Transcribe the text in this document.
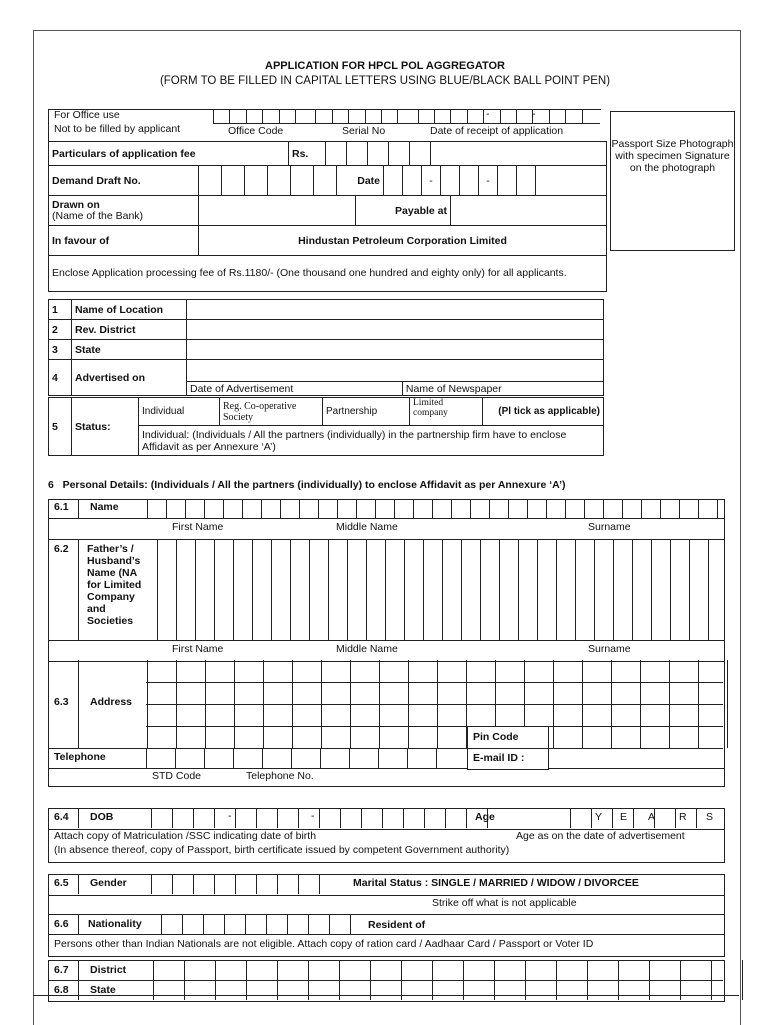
APPLICATION FOR HPCL POL AGGREGATOR
(FORM TO BE FILLED IN CAPITAL LETTERS USING BLUE/BLACK BALL POINT PEN)
For Office use
Not to be filled by applicant
-	-
Office Code	Serial No	Date of receipt of application
Passport Size Photograph with specimen Signature on the photograph
Particulars of application fee	Rs.						
Demand Draft No.							Date			-			-			
Drawn on
(Name of the Bank)		Payable at	
In favour of	Hindustan Petroleum Corporation Limited
Enclose Application processing fee of Rs.1180/- (One thousand one hundred and eighty only) for all applicants.
1	Name of Location		
2	Rev. District		
3	State		
4	Advertised on		
		Date of Advertisement	Name of Newspaper
5	Status:	Individual	Reg. Co-operative Society	Partnership	Limited company	(Pl tick as applicable)
Individual: (Individuals / All the partners (individually) in the partnership firm have to enclose Affidavit as per Annexure ‘A’)
6   Personal Details: (Individuals / All the partners (individually) to enclose Affidavit as per Annexure ‘A’)
6.1 Name
First Name	Middle Name	Surname
6.2 Father’s / Husband’s Name (NA for Limited Company and Societies
First Name	Middle Name	Surname
6.3 Address
Pin Code
Telephone	E-mail ID :
STD Code	Telephone No.
6.4 DOB	-	-	Age	Y E A R S
Attach copy of Matriculation /SSC indicating date of birth	Age as on the date of advertisement
(In absence thereof, copy of Passport, birth certificate issued by competent Government authority)
6.5 Gender	Marital Status : SINGLE / MARRIED / WIDOW / DIVORCEE
Strike off what is not applicable
6.6 Nationality	Resident of
Persons other than Indian Nationals are not eligible. Attach copy of ration card / Aadhaar Card / Passport or Voter ID
6.7 District
6.8 State
